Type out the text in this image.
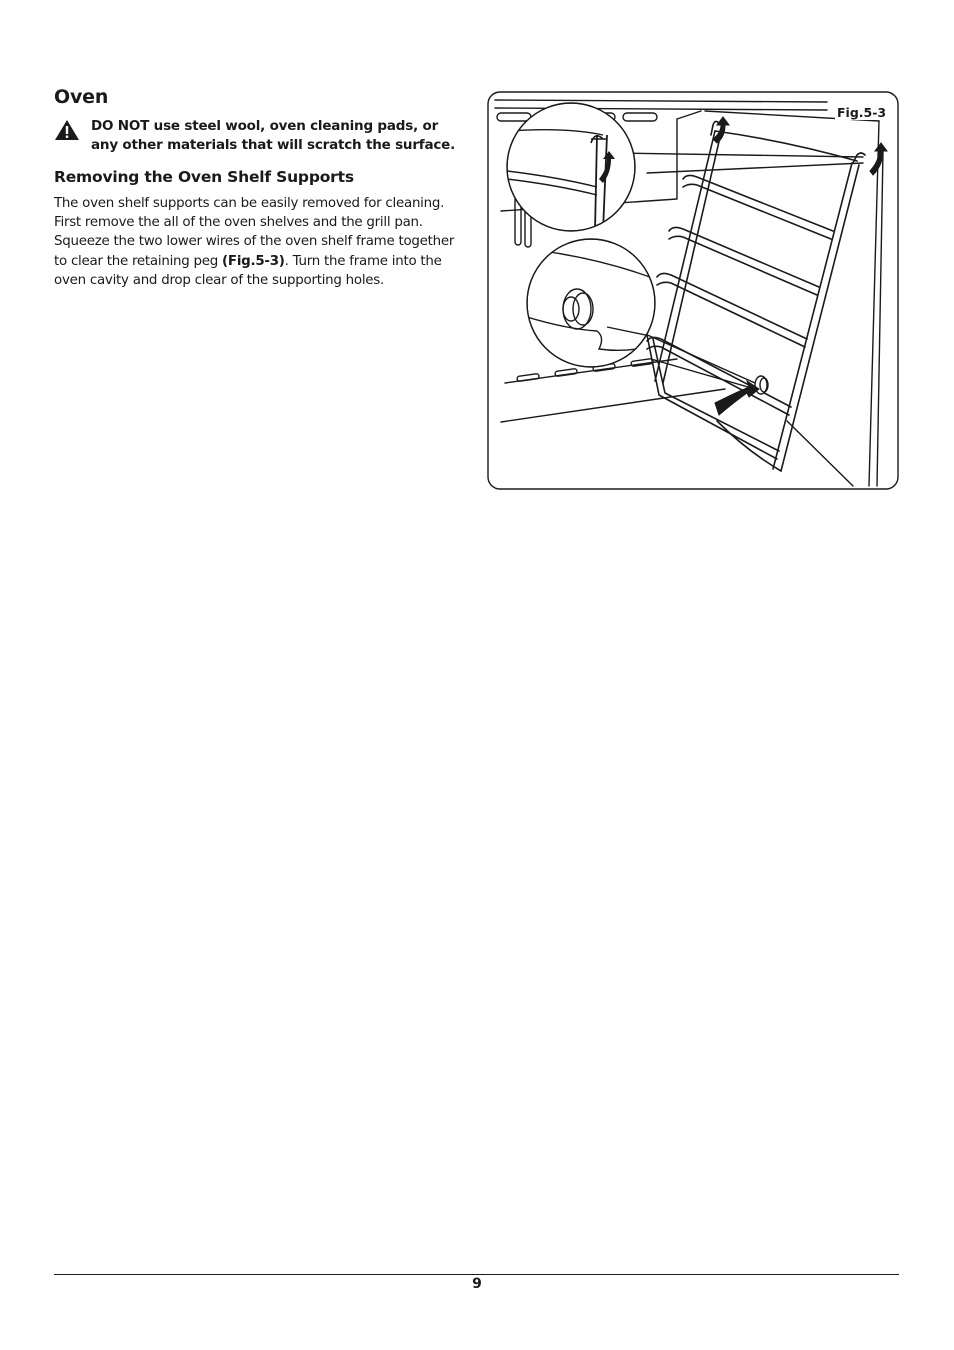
Oven
DO NOT use steel wool, oven cleaning pads, or any other materials that will scratch the surface.
Removing the Oven Shelf Supports

The oven shelf supports can be easily removed for cleaning. First remove the all of the oven shelves and the grill pan. Squeeze the two lower wires of the oven shelf frame together to clear the retaining peg (Fig.5-3). Turn the frame into the oven cavity and drop clear of the supporting holes.

Fig.5-3
9
